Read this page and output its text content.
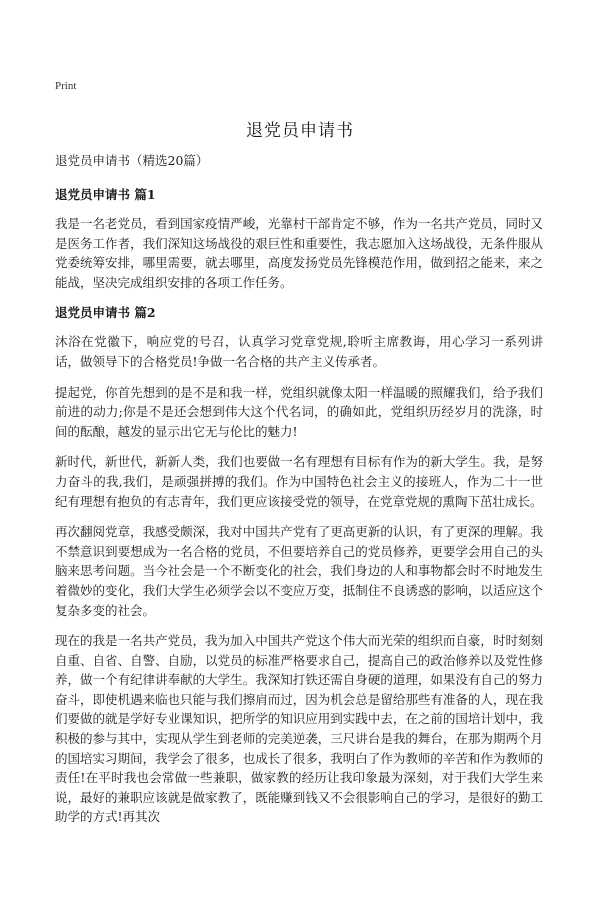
Print
退党员申请书

退党员申请书（精选20篇）

退党员申请书 篇1

我是一名老党员，看到国家疫情严峻，光靠村干部肯定不够，作为一名共产党员，同时又是医务工作者，我们深知这场战役的艰巨性和重要性，我志愿加入这场战役，无条件服从党委统筹安排，哪里需要，就去哪里，高度发扬党员先锋模范作用，做到招之能来，来之能战，坚决完成组织安排的各项工作任务。

退党员申请书 篇2

沐浴在党徽下，响应党的号召，认真学习党章党规,聆听主席教诲，用心学习一系列讲话，做领导下的合格党员!争做一名合格的共产主义传承者。

提起党，你首先想到的是不是和我一样，党组织就像太阳一样温暖的照耀我们，给予我们前进的动力;你是不是还会想到伟大这个代名词，的确如此，党组织历经岁月的洗涤，时间的酝酿，越发的显示出它无与伦比的魅力!

新时代，新世代，新新人类，我们也要做一名有理想有目标有作为的新大学生。我，是努力奋斗的我,我们，是顽强拼搏的我们。作为中国特色社会主义的接班人，作为二十一世纪有理想有抱负的有志青年，我们更应该接受党的领导，在党章党规的熏陶下茁壮成长。

再次翻阅党章，我感受颇深，我对中国共产党有了更高更新的认识，有了更深的理解。我不禁意识到要想成为一名合格的党员，不但要培养自己的党员修养，更要学会用自己的头脑来思考问题。当今社会是一个不断变化的社会，我们身边的人和事物都会时不时地发生着微妙的变化，我们大学生必须学会以不变应万变，抵制住不良诱惑的影响，以适应这个复杂多变的社会。

现在的我是一名共产党员，我为加入中国共产党这个伟大而光荣的组织而自豪，时时刻刻自重、自省、自警、自励，以党员的标准严格要求自己，提高自己的政治修养以及党性修养，做一个有纪律讲奉献的大学生。我深知打铁还需自身硬的道理，如果没有自己的努力奋斗，即使机遇来临也只能与我们擦肩而过，因为机会总是留给那些有准备的人，现在我们要做的就是学好专业课知识，把所学的知识应用到实践中去，在之前的国培计划中，我积极的参与其中，实现从学生到老师的完美逆袭，三尺讲台是我的舞台，在那为期两个月的国培实习期间，我学会了很多，也成长了很多，我明白了作为教师的辛苦和作为教师的责任!在平时我也会常做一些兼职，做家教的经历让我印象最为深刻，对于我们大学生来说，最好的兼职应该就是做家教了，既能赚到钱又不会很影响自己的学习，是很好的勤工助学的方式!再其次
